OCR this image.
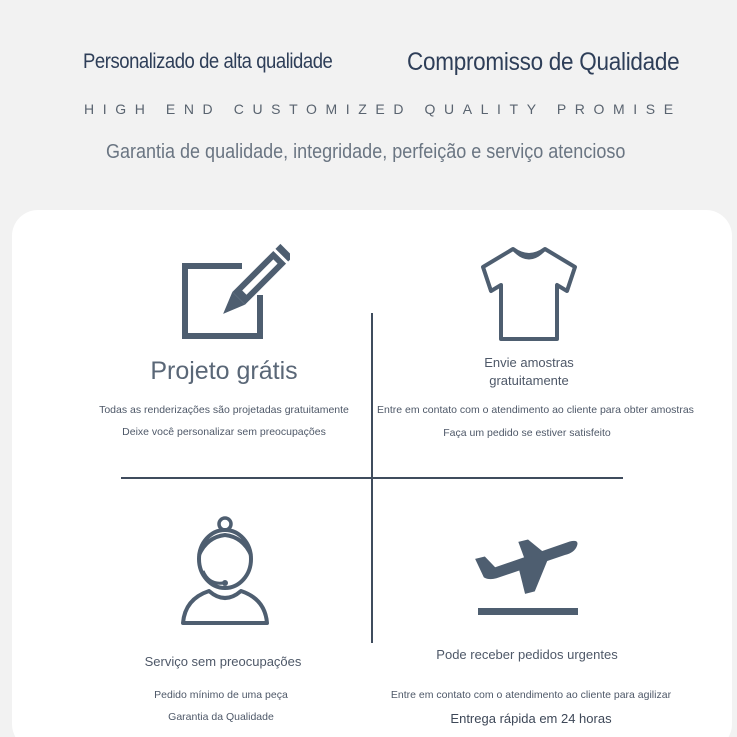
Personalizado de alta qualidade	Compromisso de Qualidade
HIGH END CUSTOMIZED QUALITY PROMISE
Garantia de qualidade, integridade, perfeição e serviço atencioso
Projeto grátis
Todas as renderizações são projetadas gratuitamente
Deixe você personalizar sem preocupações
Envie amostras
gratuitamente
Entre em contato com o atendimento ao cliente para obter amostras
Faça um pedido se estiver satisfeito
Serviço sem preocupações
Pedido mínimo de uma peça
Garantia da Qualidade
Pode receber pedidos urgentes
Entre em contato com o atendimento ao cliente para agilizar
Entrega rápida em 24 horas
